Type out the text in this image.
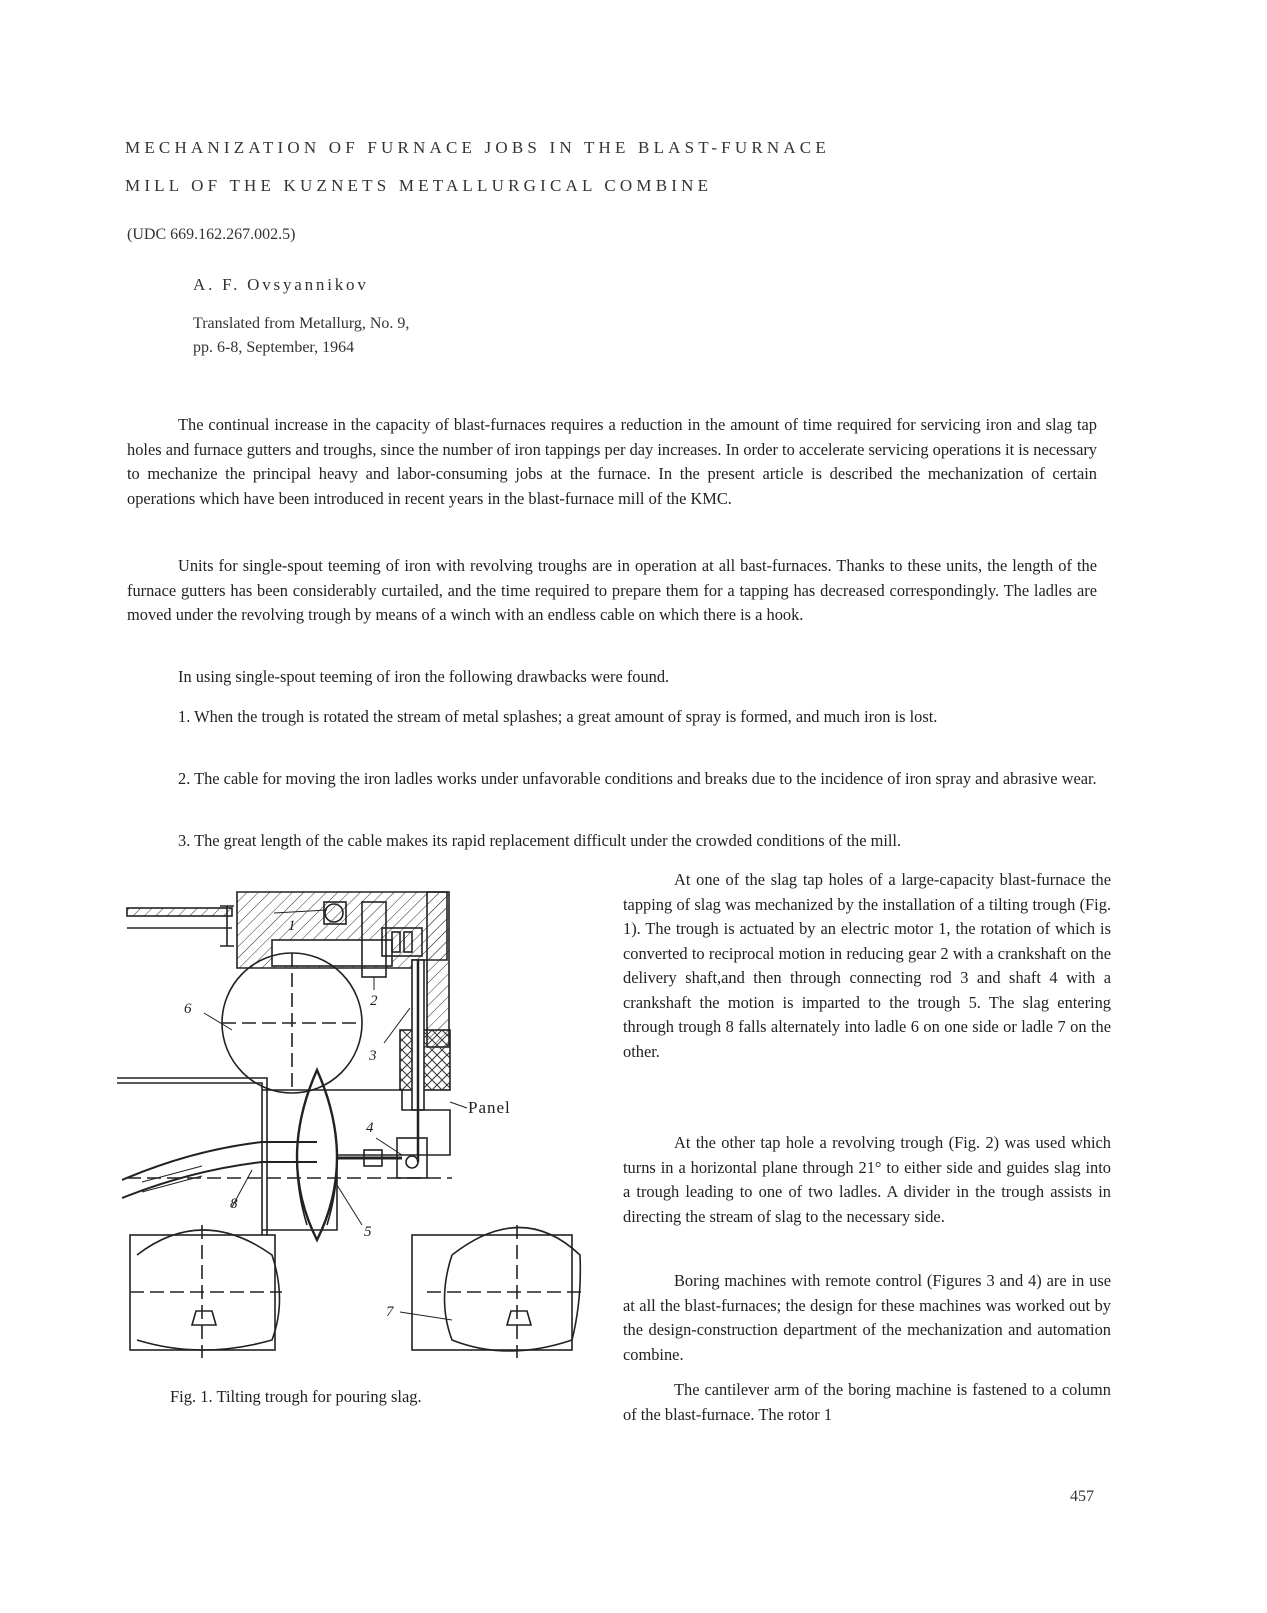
MECHANIZATION OF FURNACE JOBS IN THE BLAST-FURNACE
MILL OF THE KUZNETS METALLURGICAL COMBINE
(UDC 669.162.267.002.5)
A. F. Ovsyannikov
Translated from Metallurg, No. 9,
pp. 6-8, September, 1964

The continual increase in the capacity of blast-furnaces requires a reduction in the amount of time required for servicing iron and slag tap holes and furnace gutters and troughs, since the number of iron tappings per day increases. In order to accelerate servicing operations it is necessary to mechanize the principal heavy and labor-consuming jobs at the furnace. In the present article is described the mechanization of certain operations which have been introduced in recent years in the blast-furnace mill of the KMC.

Units for single-spout teeming of iron with revolving troughs are in operation at all bast-furnaces. Thanks to these units, the length of the furnace gutters has been considerably curtailed, and the time required to prepare them for a tapping has decreased correspondingly. The ladles are moved under the revolving trough by means of a winch with an endless cable on which there is a hook.

In using single-spout teeming of iron the following drawbacks were found.

1. When the trough is rotated the stream of metal splashes; a great amount of spray is formed, and much iron is lost.

2. The cable for moving the iron ladles works under unfavorable conditions and breaks due to the incidence of iron spray and abrasive wear.

3. The great length of the cable makes its rapid replacement difficult under the crowded conditions of the mill.

At one of the slag tap holes of a large-capacity blast-furnace the tapping of slag was mechanized by the installation of a tilting trough (Fig. 1). The trough is actuated by an electric motor 1, the rotation of which is converted to reciprocal motion in reducing gear 2 with a crankshaft on the delivery shaft,and then through connecting rod 3 and shaft 4 with a crankshaft the motion is imparted to the trough 5. The slag entering through trough 8 falls alternately into ladle 6 on one side or ladle 7 on the other.

At the other tap hole a revolving trough (Fig. 2) was used which turns in a horizontal plane through 21° to either side and guides slag into a trough leading to one of two ladles. A divider in the trough assists in directing the stream of slag to the necessary side.

Boring machines with remote control (Figures 3 and 4) are in use at all the blast-furnaces; the design for these machines was worked out by the design-construction department of the mechanization and automation combine.

The cantilever arm of the boring machine is fastened to a column of the blast-furnace. The rotor 1

1
2
3
4
5
6
7
8
Panel
Fig. 1. Tilting trough for pouring slag.
457
